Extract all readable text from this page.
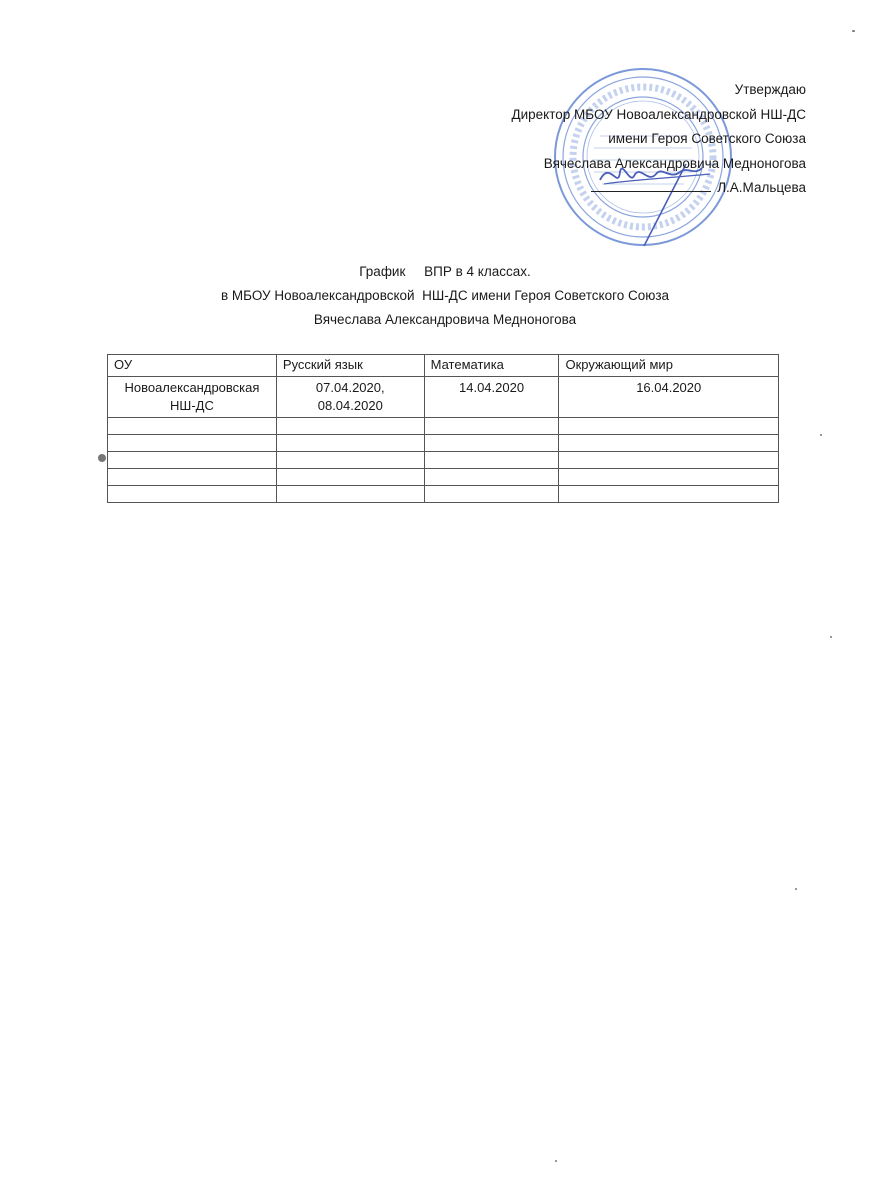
Утверждаю
Директор МБОУ Новоалександровской НШ-ДС
имени Героя Советского Союза
Вячеслава Александровича Медноногова
Л.А.Мальцева
График     ВПР в 4 классах.
в МБОУ Новоалександровской  НШ-ДС имени Героя Советского Союза
Вячеслава Александровича Медноногова
ОУ	Русский язык	Математика	Окружающий мир
Новоалександровская НШ-ДС	07.04.2020, 08.04.2020	14.04.2020	16.04.2020
